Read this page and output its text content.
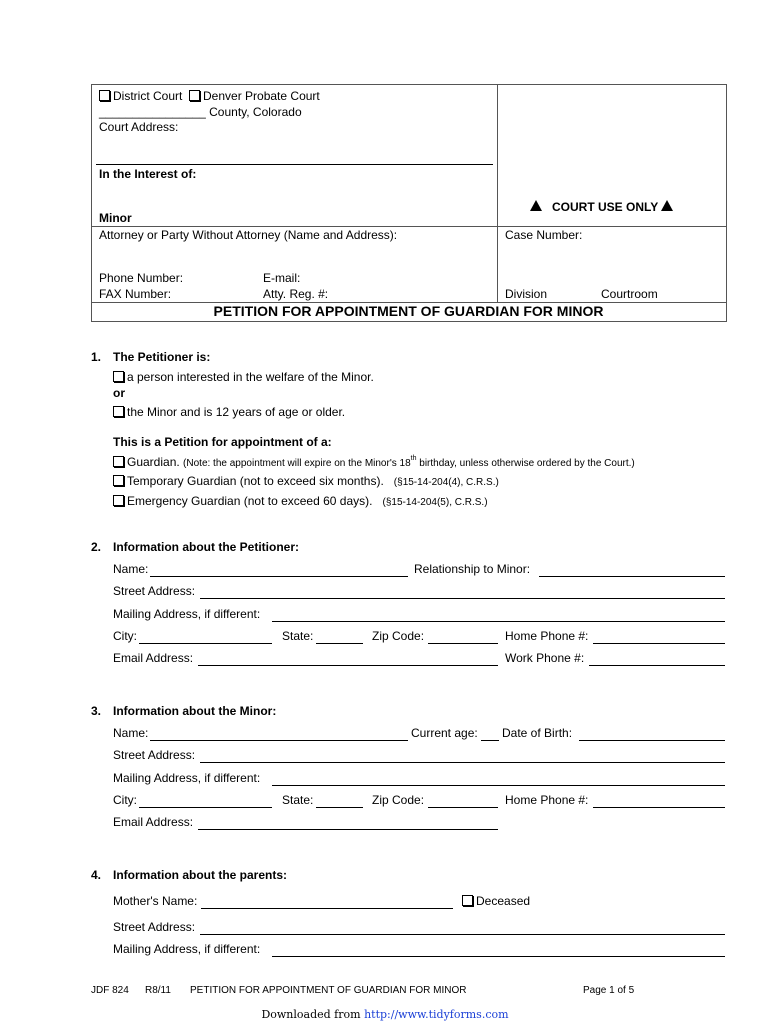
District Court Denver Probate Court
________________ County, Colorado
Court Address:
In the Interest of:
Minor
COURT USE ONLY
Attorney or Party Without Attorney (Name and Address):	Case Number:
Phone Number:	E-mail:
FAX Number:	Atty. Reg. #:	Division	Courtroom
PETITION FOR APPOINTMENT OF GUARDIAN FOR MINOR
1. The Petitioner is:
a person interested in the welfare of the Minor.
or
the Minor and is 12 years of age or older.
This is a Petition for appointment of a:
Guardian. (Note: the appointment will expire on the Minor's 18th birthday, unless otherwise ordered by the Court.)
Temporary Guardian (not to exceed six months). (§15-14-204(4), C.R.S.)
Emergency Guardian (not to exceed 60 days). (§15-14-204(5), C.R.S.)
2. Information about the Petitioner:
Name:	Relationship to Minor:
Street Address:
Mailing Address, if different:
City:	State:	Zip Code:	Home Phone #:
Email Address:	Work Phone #:
3. Information about the Minor:
Name:	Current age: Date of Birth:
Street Address:
Mailing Address, if different:
City:	State:	Zip Code:	Home Phone #:
Email Address:
4. Information about the parents:
Mother's Name:	Deceased
Street Address:
Mailing Address, if different:
JDF 824 R8/11 PETITION FOR APPOINTMENT OF GUARDIAN FOR MINOR	Page 1 of 5
Downloaded from http://www.tidyforms.com
